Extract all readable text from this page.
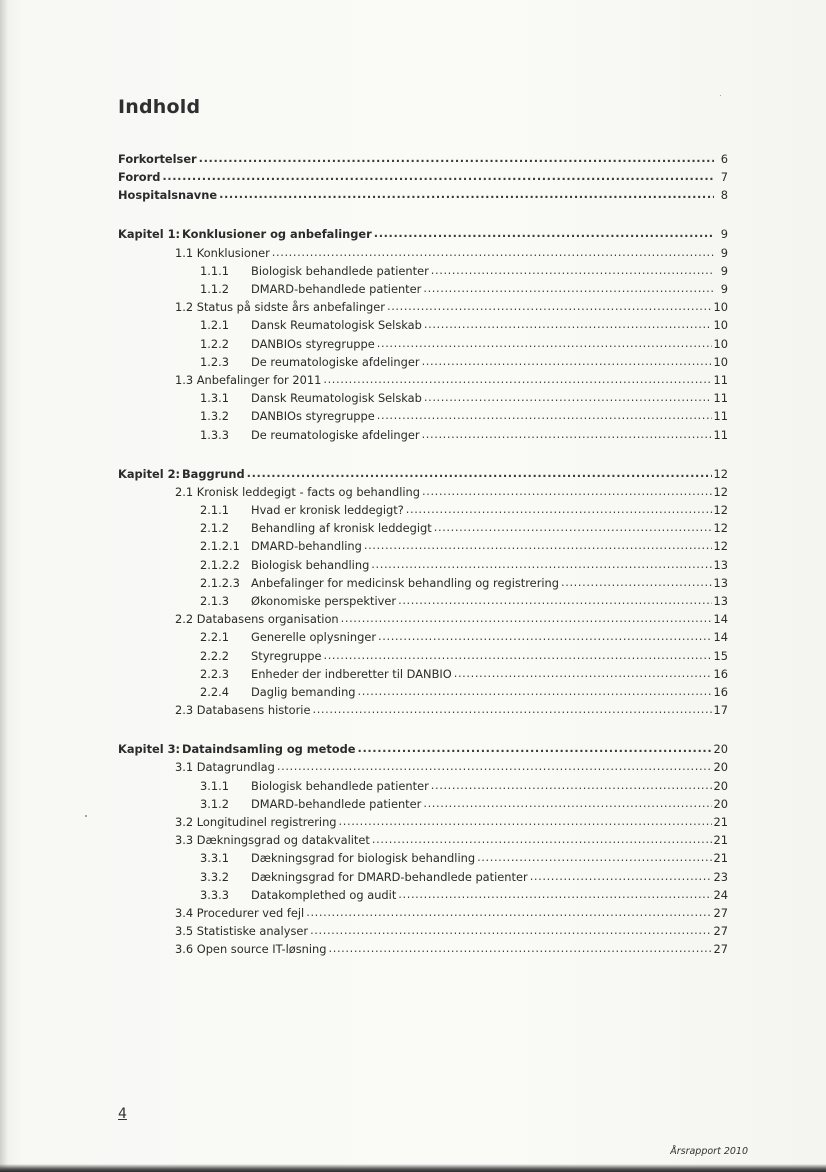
Indhold
Forkortelser .....	6
Forord .....	7
Hospitalsnavne .....	8
Kapitel 1: Konklusioner og anbefalinger .....	9
1.1 Konklusioner .....	9
1.1.1	Biologisk behandlede patienter .....	9
1.1.2	DMARD-behandlede patienter .....	9
1.2 Status på sidste års anbefalinger .....	10
1.2.1	Dansk Reumatologisk Selskab .....	10
1.2.2	DANBIOs styregruppe .....	10
1.2.3	De reumatologiske afdelinger .....	10
1.3 Anbefalinger for 2011 .....	11
1.3.1	Dansk Reumatologisk Selskab .....	11
1.3.2	DANBIOs styregruppe .....	11
1.3.3	De reumatologiske afdelinger .....	11
Kapitel 2: Baggrund .....	12
2.1 Kronisk leddegigt - facts og behandling .....	12
2.1.1	Hvad er kronisk leddegigt? .....	12
2.1.2	Behandling af kronisk leddegigt .....	12
2.1.2.1 DMARD-behandling .....	12
2.1.2.2 Biologisk behandling .....	13
2.1.2.3 Anbefalinger for medicinsk behandling og registrering .....	13
2.1.3	Økonomiske perspektiver .....	13
2.2 Databasens organisation .....	14
2.2.1	Generelle oplysninger .....	14
2.2.2	Styregruppe .....	15
2.2.3	Enheder der indberetter til DANBIO .....	16
2.2.4	Daglig bemanding .....	16
2.3 Databasens historie .....	17
Kapitel 3: Dataindsamling og metode .....	20
3.1 Datagrundlag .....	20
3.1.1	Biologisk behandlede patienter .....	20
3.1.2	DMARD-behandlede patienter .....	20
3.2 Longitudinel registrering .....	21
3.3 Dækningsgrad og datakvalitet .....	21
3.3.1	Dækningsgrad for biologisk behandling .....	21
3.3.2	Dækningsgrad for DMARD-behandlede patienter .....	23
3.3.3	Datakomplethed og audit .....	24
3.4 Procedurer ved fejl .....	27
3.5 Statistiske analyser .....	27
3.6 Open source IT-løsning .....	27
4
Årsrapport 2010
